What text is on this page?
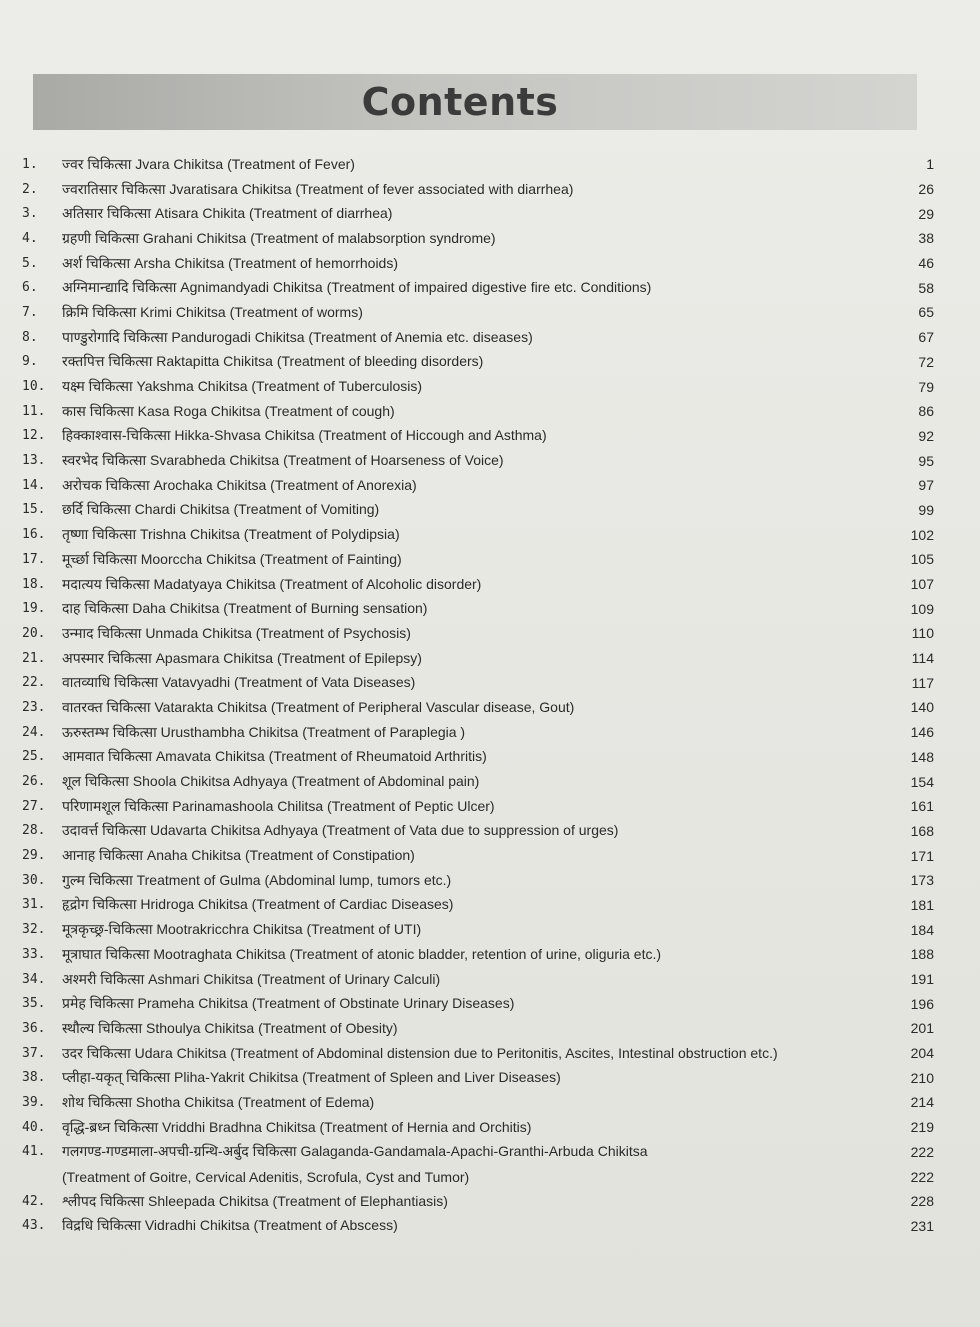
Contents
1.	ज्वर चिकित्सा Jvara Chikitsa (Treatment of Fever)	1
2.	ज्वरातिसार चिकित्सा Jvaratisara Chikitsa (Treatment of fever associated with diarrhea)	26
3.	अतिसार चिकित्सा Atisara Chikita (Treatment of diarrhea)	29
4.	ग्रहणी चिकित्सा Grahani Chikitsa (Treatment of malabsorption syndrome)	38
5.	अर्श चिकित्सा Arsha Chikitsa (Treatment of hemorrhoids)	46
6.	अग्निमान्द्यादि चिकित्सा Agnimandyadi Chikitsa (Treatment of impaired digestive fire etc. Conditions)	58
7.	क्रिमि चिकित्सा Krimi Chikitsa (Treatment of worms)	65
8.	पाण्डुरोगादि चिकित्सा Pandurogadi Chikitsa (Treatment of Anemia etc. diseases)	67
9.	रक्तपित्त चिकित्सा Raktapitta Chikitsa (Treatment of bleeding disorders)	72
10.	यक्ष्म चिकित्सा Yakshma Chikitsa (Treatment of Tuberculosis)	79
11.	कास चिकित्सा Kasa Roga Chikitsa (Treatment of cough)	86
12.	हिक्काश्वास-चिकित्सा Hikka-Shvasa Chikitsa (Treatment of Hiccough and Asthma)	92
13.	स्वरभेद चिकित्सा Svarabheda Chikitsa (Treatment of Hoarseness of Voice)	95
14.	अरोचक चिकित्सा Arochaka Chikitsa (Treatment of Anorexia)	97
15.	छर्दि चिकित्सा Chardi Chikitsa (Treatment of Vomiting)	99
16.	तृष्णा चिकित्सा Trishna Chikitsa (Treatment of Polydipsia)	102
17.	मूर्च्छा चिकित्सा Moorccha Chikitsa (Treatment of Fainting)	105
18.	मदात्यय चिकित्सा Madatyaya Chikitsa (Treatment of Alcoholic disorder)	107
19.	दाह चिकित्सा Daha Chikitsa (Treatment of Burning sensation)	109
20.	उन्माद चिकित्सा Unmada Chikitsa (Treatment of Psychosis)	110
21.	अपस्मार चिकित्सा Apasmara Chikitsa (Treatment of Epilepsy)	114
22.	वातव्याधि चिकित्सा Vatavyadhi (Treatment of Vata Diseases)	117
23.	वातरक्त चिकित्सा Vatarakta Chikitsa (Treatment of Peripheral Vascular disease, Gout)	140
24.	ऊरुस्तम्भ चिकित्सा Urusthambha Chikitsa (Treatment of Paraplegia )	146
25.	आमवात चिकित्सा Amavata Chikitsa (Treatment of Rheumatoid Arthritis)	148
26.	शूल चिकित्सा Shoola Chikitsa Adhyaya (Treatment of Abdominal pain)	154
27.	परिणामशूल चिकित्सा Parinamashoola Chilitsa (Treatment of Peptic Ulcer)	161
28.	उदावर्त्त चिकित्सा Udavarta Chikitsa Adhyaya (Treatment of Vata due to suppression of urges)	168
29.	आनाह चिकित्सा Anaha Chikitsa (Treatment of Constipation)	171
30.	गुल्म चिकित्सा Treatment of Gulma (Abdominal lump, tumors etc.)	173
31.	हृद्रोग चिकित्सा Hridroga Chikitsa (Treatment of Cardiac Diseases)	181
32.	मूत्रकृच्छ्र-चिकित्सा Mootrakricchra Chikitsa (Treatment of UTI)	184
33.	मूत्राघात चिकित्सा Mootraghata Chikitsa (Treatment of atonic bladder, retention of urine, oliguria etc.)	188
34.	अश्मरी चिकित्सा Ashmari Chikitsa (Treatment of Urinary Calculi)	191
35.	प्रमेह चिकित्सा Prameha Chikitsa (Treatment of Obstinate Urinary Diseases)	196
36.	स्थौल्य चिकित्सा Sthoulya Chikitsa (Treatment of Obesity)	201
37.	उदर चिकित्सा Udara Chikitsa (Treatment of Abdominal distension due to Peritonitis, Ascites, Intestinal obstruction etc.)	204
38.	प्लीहा-यकृत् चिकित्सा Pliha-Yakrit Chikitsa (Treatment of Spleen and Liver Diseases)	210
39.	शोथ चिकित्सा Shotha Chikitsa (Treatment of Edema)	214
40.	वृद्धि-ब्रध्न चिकित्सा Vriddhi Bradhna Chikitsa (Treatment of Hernia and Orchitis)	219
41.	गलगण्ड-गण्डमाला-अपची-ग्रन्थि-अर्बुद चिकित्सा Galaganda-Gandamala-Apachi-Granthi-Arbuda Chikitsa	222
(Treatment of Goitre, Cervical Adenitis, Scrofula, Cyst and Tumor)	222
42.	श्लीपद चिकित्सा Shleepada Chikitsa (Treatment of Elephantiasis)	228
43.	विद्रधि चिकित्सा Vidradhi Chikitsa (Treatment of Abscess)	231
